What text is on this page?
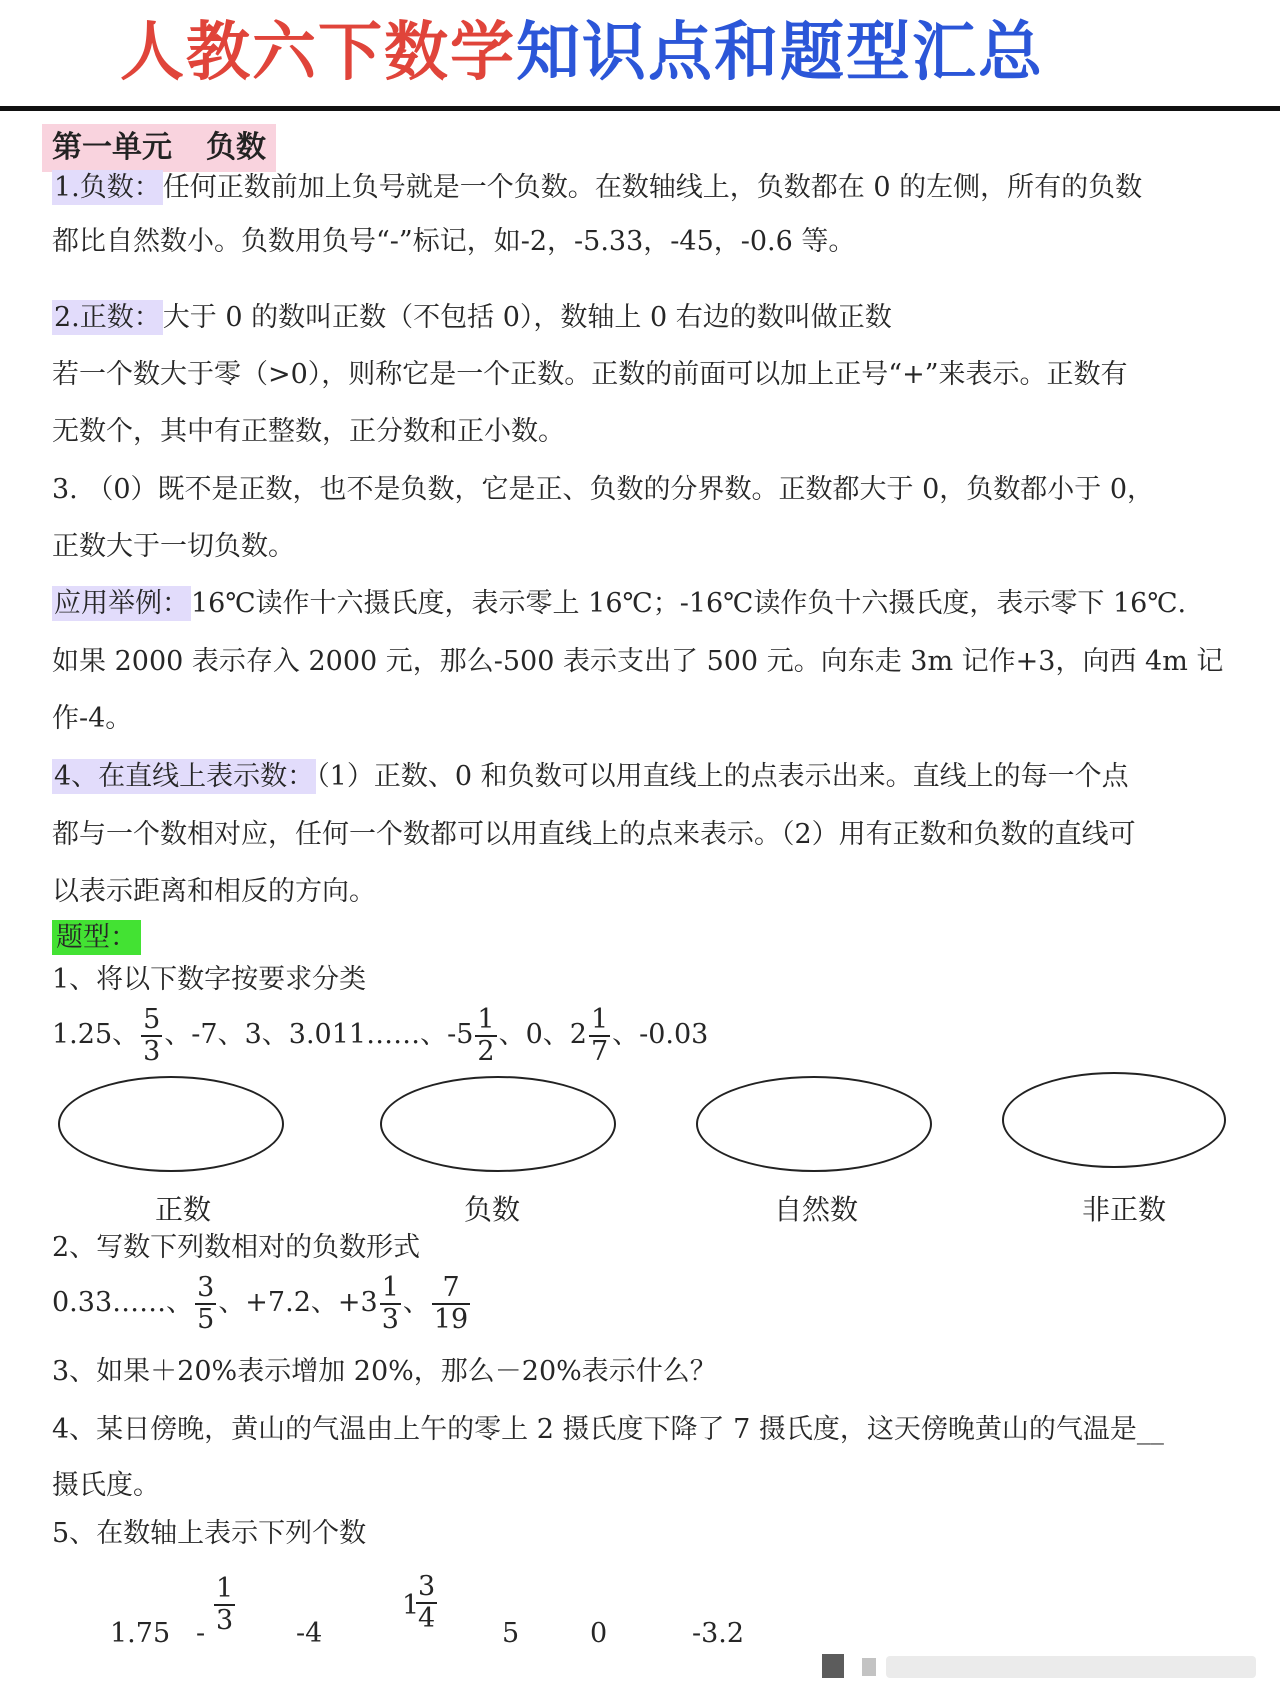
人教六下数学知识点和题型汇总
第一单元 负数
1.负数：任何正数前加上负号就是一个负数。在数轴线上，负数都在 0 的左侧，所有的负数
都比自然数小。负数用负号“-”标记，如-2，-5.33，-45，-0.6 等。
2.正数：大于 0 的数叫正数（不包括 0），数轴上 0 右边的数叫做正数
若一个数大于零（>0），则称它是一个正数。正数的前面可以加上正号“+”来表示。正数有
无数个，其中有正整数，正分数和正小数。
3. （0）既不是正数，也不是负数，它是正、负数的分界数。正数都大于 0，负数都小于 0，
正数大于一切负数。
应用举例：16℃读作十六摄氏度，表示零上 16℃；-16℃读作负十六摄氏度，表示零下 16℃.
如果 2000 表示存入 2000 元，那么-500 表示支出了 500 元。向东走 3m 记作+3，向西 4m 记
作-4。
4、在直线上表示数：（1）正数、0 和负数可以用直线上的点表示出来。直线上的每一个点
都与一个数相对应，任何一个数都可以用直线上的点来表示。（2）用有正数和负数的直线可
以表示距离和相反的方向。
题型：
1、将以下数字按要求分类
1.25、 $\frac{5}{3}$ 、-7、3、3.011……、$-5 \frac{1}{2}$ 、0、$2 \frac{1}{7}$ 、-0.03
正数	负数	自然数	非正数
2、写数下列数相对的负数形式
0.33……、 $\frac{3}{5}$ 、+7.2、$+3 \frac{1}{3}$ 、 $\frac{7}{19}$
3、如果＋20%表示增加 20%，那么－20%表示什么？
4、某日傍晚，黄山的气温由上午的零上 2 摄氏度下降了 7 摄氏度，这天傍晚黄山的气温是__
摄氏度。
5、在数轴上表示下列个数
$1.75 - \frac{1}{3} -4$
1
$\frac{3}{4} 5$	0	-3.2
